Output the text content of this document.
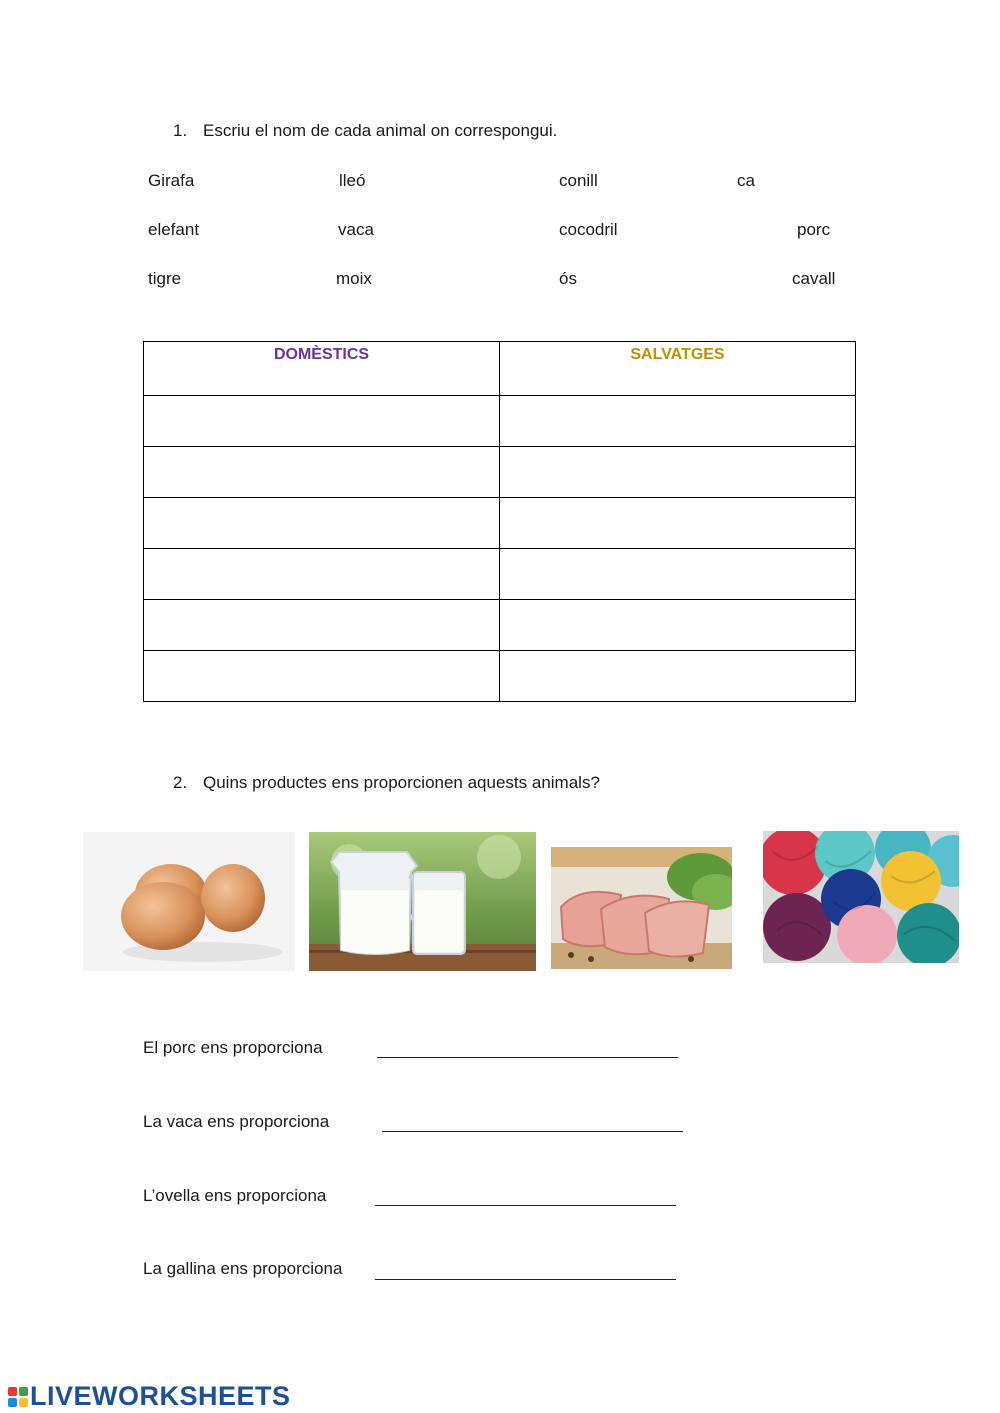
1. Escriu el nom de cada animal on correspongui.
Girafa	lleó	conill	ca
elefant	vaca	cocodril	porc
tigre	moix	ós	cavall
DOMÈSTICS	SALVATGES

2. Quins productes ens proporcionen aquests animals?
El porc ens proporciona
La vaca ens proporciona
L’ovella ens proporciona
La gallina ens proporciona
LIVEWORKSHEETS
